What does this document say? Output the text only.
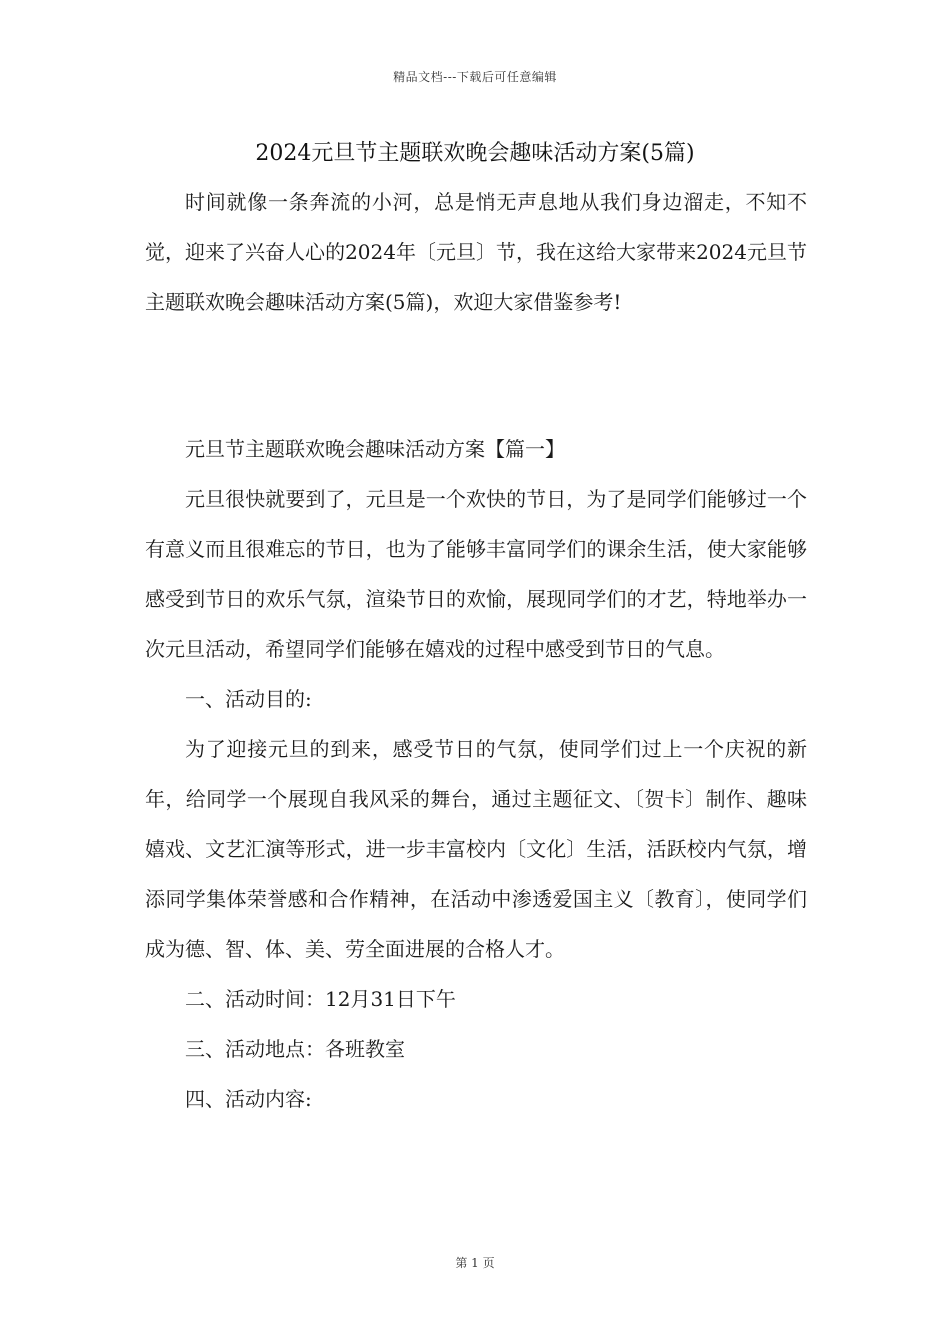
精品文档---下载后可任意编辑
2024元旦节主题联欢晚会趣味活动方案(5篇)

时间就像一条奔流的小河，总是悄无声息地从我们身边溜走，不知不觉，迎来了兴奋人心的2024年〔元旦〕节，我在这给大家带来2024元旦节主题联欢晚会趣味活动方案(5篇)，欢迎大家借鉴参考!

元旦节主题联欢晚会趣味活动方案【篇一】

元旦很快就要到了，元旦是一个欢快的节日，为了是同学们能够过一个有意义而且很难忘的节日，也为了能够丰富同学们的课余生活，使大家能够感受到节日的欢乐气氛，渲染节日的欢愉，展现同学们的才艺，特地举办一次元旦活动，希望同学们能够在嬉戏的过程中感受到节日的气息。

一、活动目的:

为了迎接元旦的到来，感受节日的气氛，使同学们过上一个庆祝的新年，给同学一个展现自我风采的舞台，通过主题征文、〔贺卡〕制作、趣味嬉戏、文艺汇演等形式，进一步丰富校内〔文化〕生活，活跃校内气氛，增添同学集体荣誉感和合作精神，在活动中渗透爱国主义〔教育〕，使同学们成为德、智、体、美、劳全面进展的合格人才。

二、活动时间：12月31日下午

三、活动地点：各班教室

四、活动内容:

第 1 页
